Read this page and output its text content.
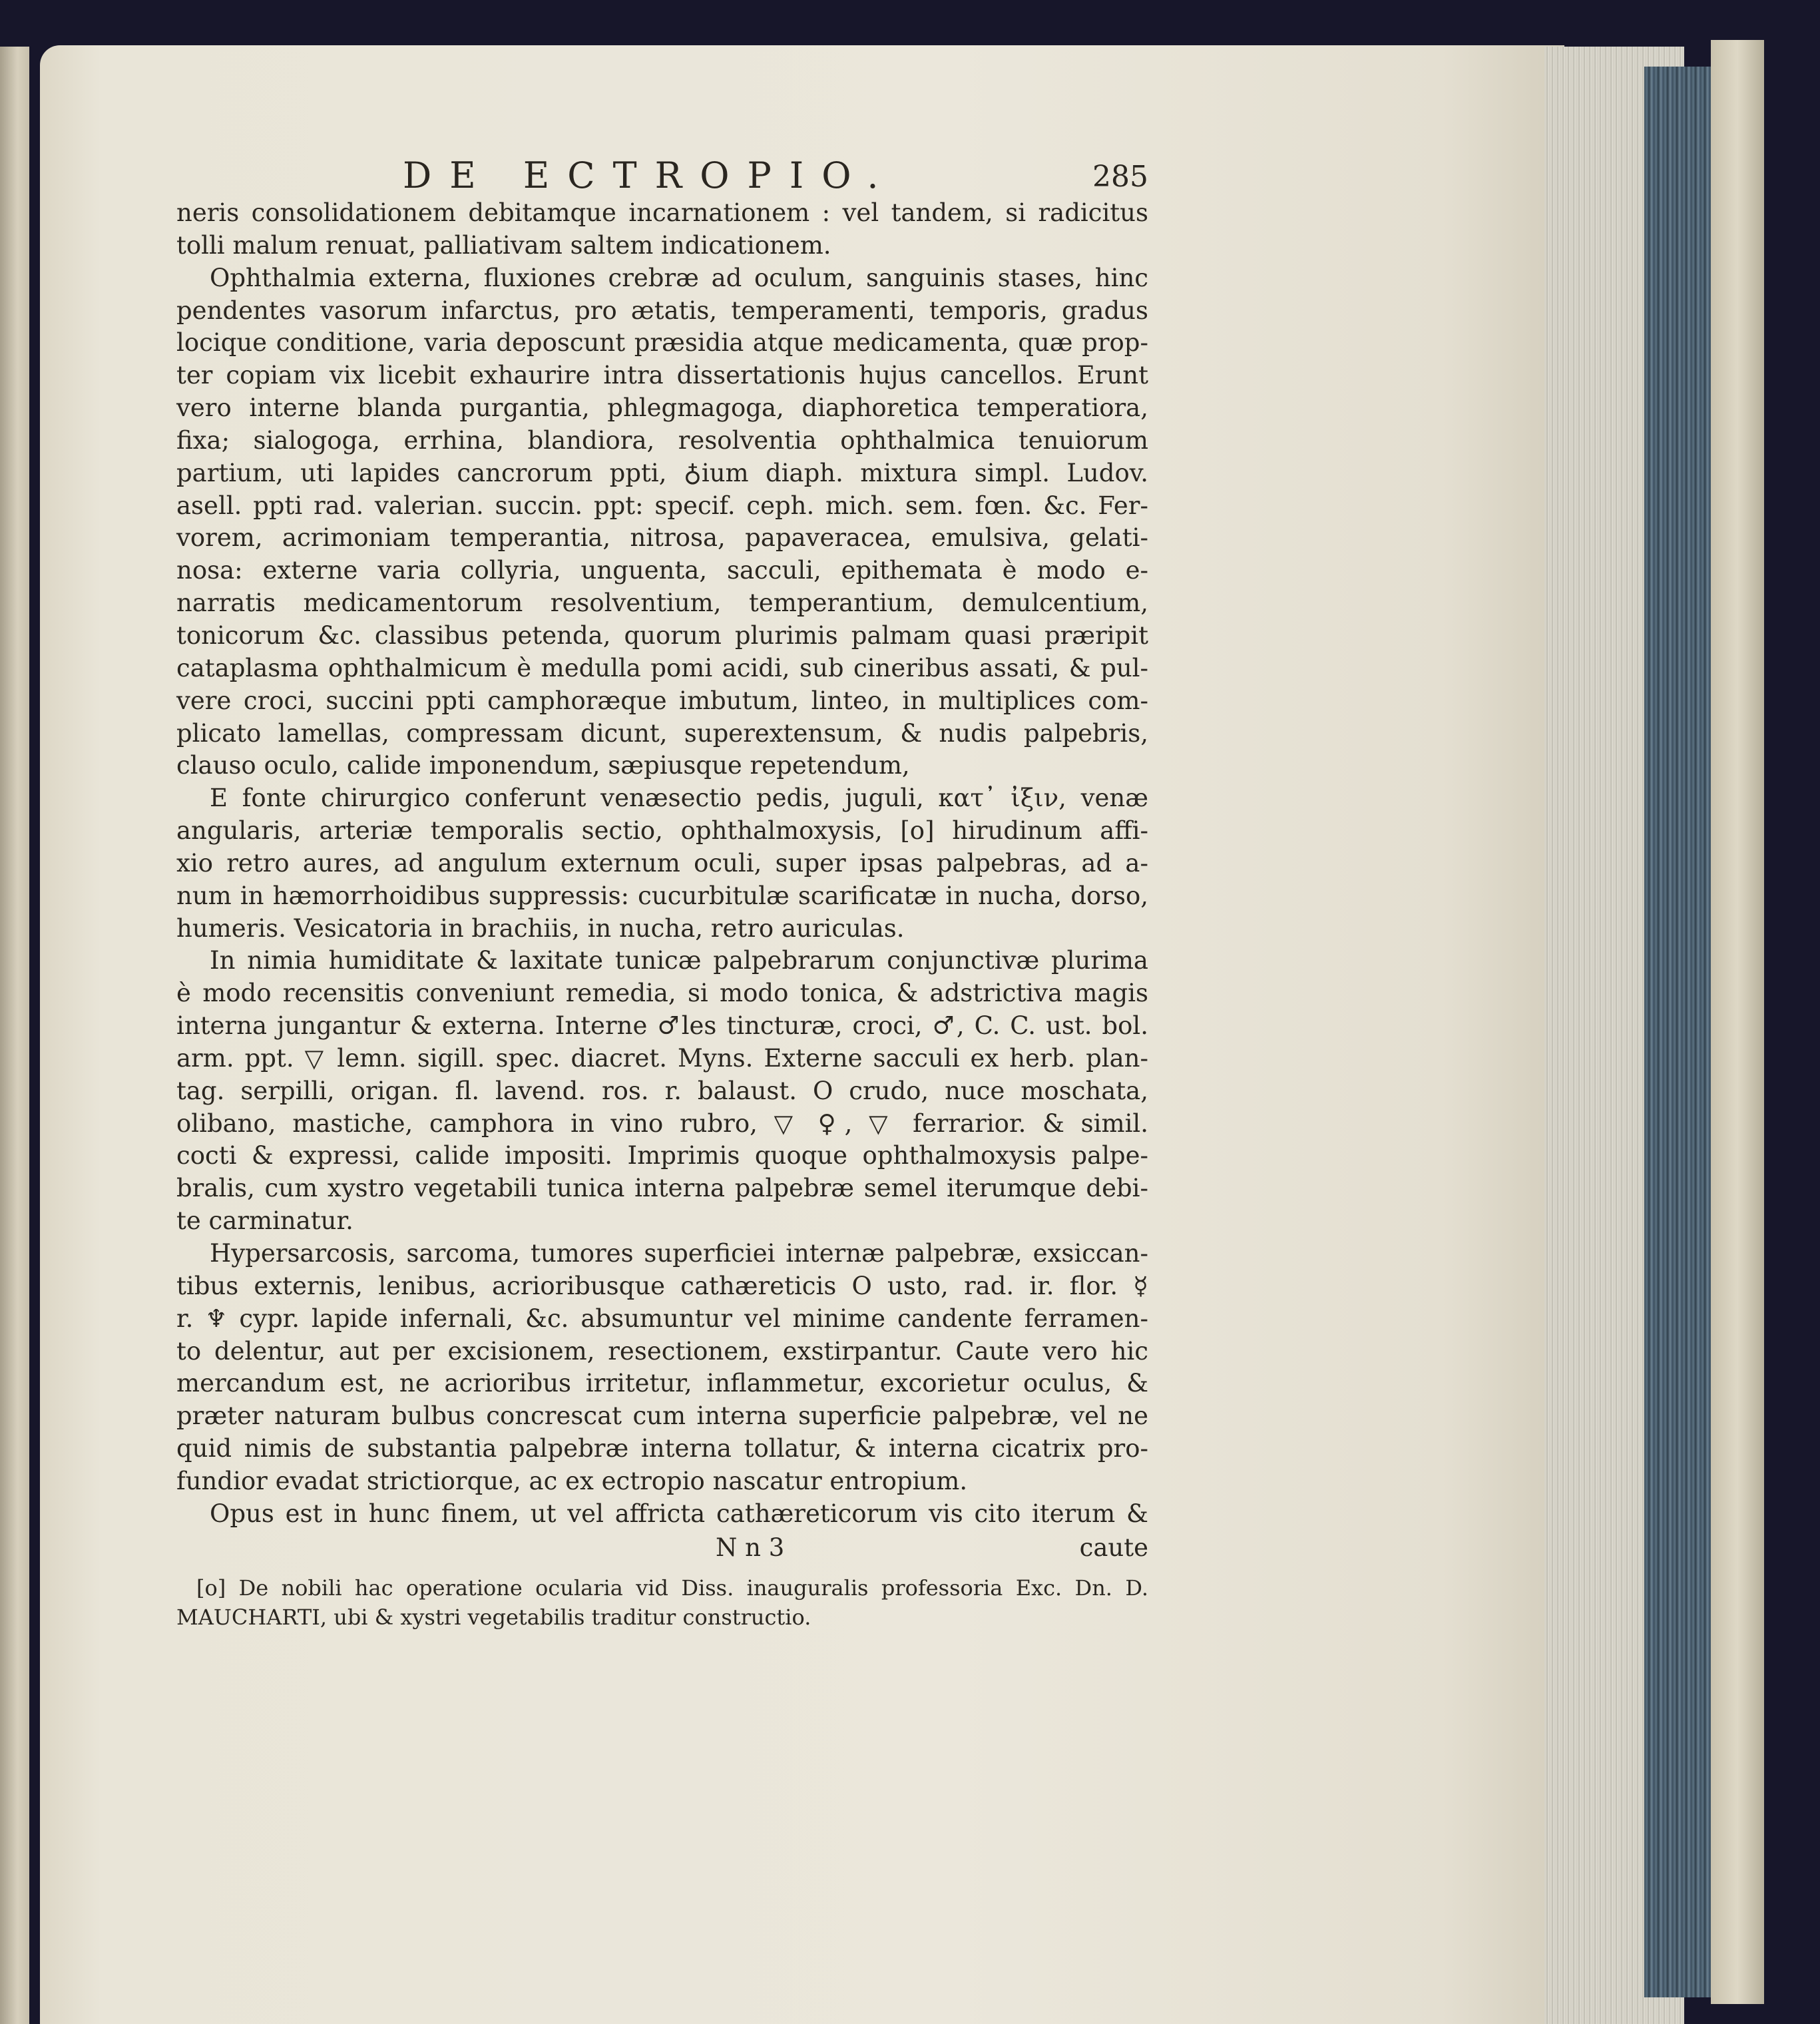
DE ECTROPIO.	285
neris consolidationem debitamque incarnationem : vel tandem, si radicitus
tolli malum renuat, palliativam saltem indicationem.
Ophthalmia externa, fluxiones crebræ ad oculum, sanguinis stases, hinc
pendentes vasorum infarctus, pro ætatis, temperamenti, temporis, gradus
locique conditione, varia deposcunt præsidia atque medicamenta, quæ prop-
ter copiam vix licebit exhaurire intra dissertationis hujus cancellos. Erunt
vero interne blanda purgantia, phlegmagoga, diaphoretica temperatiora,
fixa; sialogoga, errhina, blandiora, resolventia ophthalmica tenuiorum
partium, uti lapides cancrorum ppti, ♁ium diaph. mixtura simpl. Ludov.
asell. ppti rad. valerian. succin. ppt: specif. ceph. mich. sem. fœn. &c. Fer-
vorem, acrimoniam temperantia, nitrosa, papaveracea, emulsiva, gelati-
nosa: externe varia collyria, unguenta, sacculi, epithemata è modo e-
narratis medicamentorum resolventium, temperantium, demulcentium,
tonicorum &c. classibus petenda, quorum plurimis palmam quasi præripit
cataplasma ophthalmicum è medulla pomi acidi, sub cineribus assati, & pul-
vere croci, succini ppti camphoræque imbutum, linteo, in multiplices com-
plicato lamellas, compressam dicunt, superextensum, & nudis palpebris,
clauso oculo, calide imponendum, sæpiusque repetendum,
E fonte chirurgico conferunt venæsectio pedis, juguli, κατ᾽ ἰξιν, venæ
angularis, arteriæ temporalis sectio, ophthalmoxysis, [o] hirudinum affi-
xio retro aures, ad angulum externum oculi, super ipsas palpebras, ad a-
num in hæmorrhoidibus suppressis: cucurbitulæ scarificatæ in nucha, dorso,
humeris. Vesicatoria in brachiis, in nucha, retro auriculas.
In nimia humiditate & laxitate tunicæ palpebrarum conjunctivæ plurima
è modo recensitis conveniunt remedia, si modo tonica, & adstrictiva magis
interna jungantur & externa. Interne ♂les tincturæ, croci, ♂, C. C. ust. bol.
arm. ppt. ▽ lemn. sigill. spec. diacret. Myns. Externe sacculi ex herb. plan-
tag. serpilli, origan. fl. lavend. ros. r. balaust. O crudo, nuce moschata,
olibano, mastiche, camphora in vino rubro, ▽ ♀, ▽ ferrarior. & simil.
cocti & expressi, calide impositi. Imprimis quoque ophthalmoxysis palpe-
bralis, cum xystro vegetabili tunica interna palpebræ semel iterumque debi-
te carminatur.
Hypersarcosis, sarcoma, tumores superficiei internæ palpebræ, exsiccan-
tibus externis, lenibus, acrioribusque cathæreticis O usto, rad. ir. flor. ☿
r. ♆ cypr. lapide infernali, &c. absumuntur vel minime candente ferramen-
to delentur, aut per excisionem, resectionem, exstirpantur. Caute vero hic
mercandum est, ne acrioribus irritetur, inflammetur, excorietur oculus, &
præter naturam bulbus concrescat cum interna superficie palpebræ, vel ne
quid nimis de substantia palpebræ interna tollatur, & interna cicatrix pro-
fundior evadat strictiorque, ac ex ectropio nascatur entropium.
Opus est in hunc finem, ut vel affricta cathæreticorum vis cito iterum &
N n 3	caute
[o] De nobili hac operatione ocularia vid Diss. inauguralis professoria Exc. Dn. D.
MAUCHARTI, ubi & xystri vegetabilis traditur constructio.
